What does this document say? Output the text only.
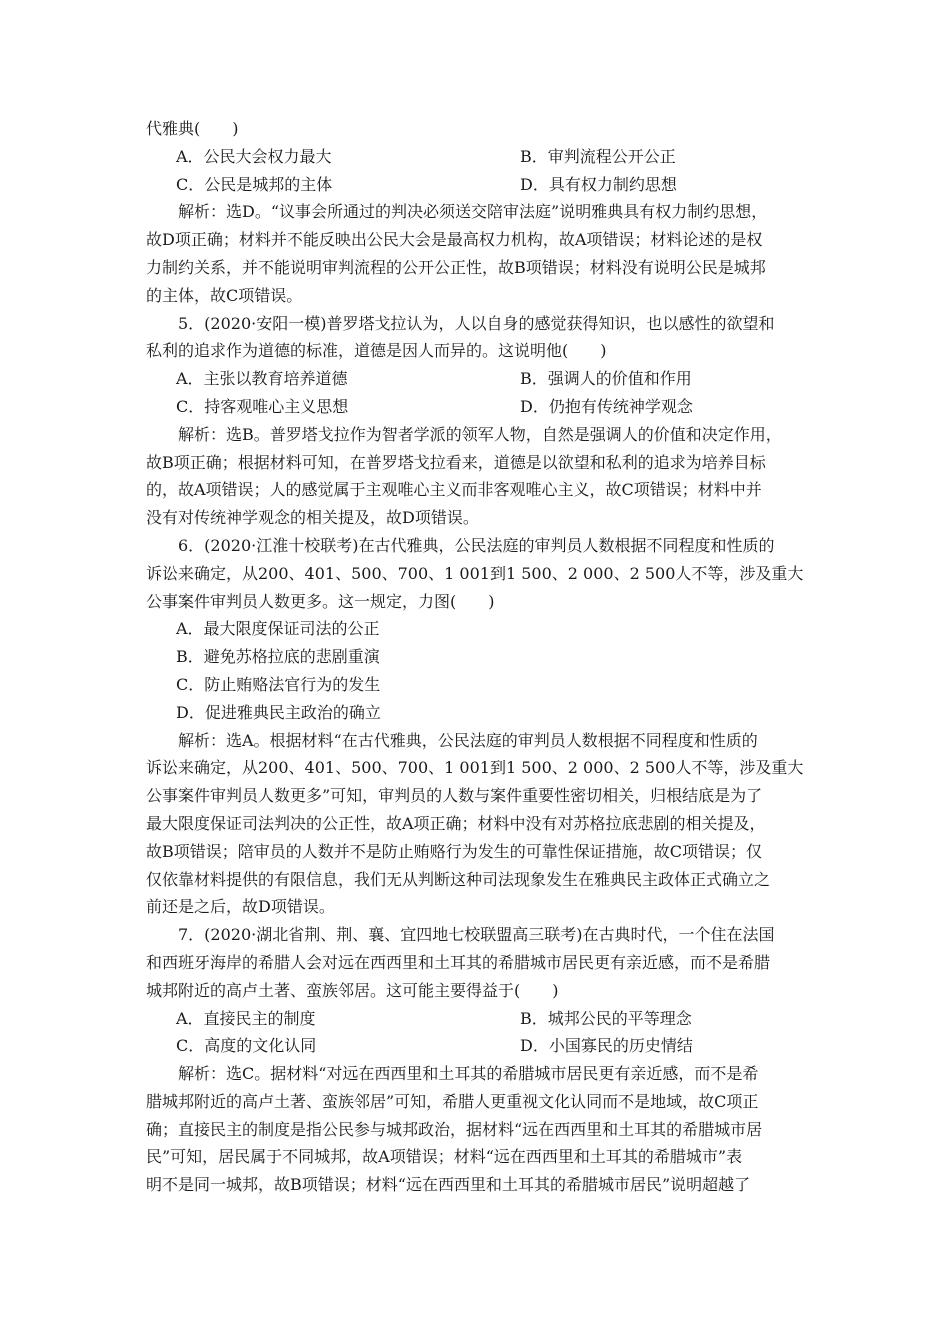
代雅典(　　)
A．公民大会权力最大	B．审判流程公开公正
C．公民是城邦的主体	D．具有权力制约思想
解析：选D。“议事会所通过的判决必须送交陪审法庭”说明雅典具有权力制约思想，
故D项正确；材料并不能反映出公民大会是最高权力机构，故A项错误；材料论述的是权
力制约关系，并不能说明审判流程的公开公正性，故B项错误；材料没有说明公民是城邦
的主体，故C项错误。
5．(2020·安阳一模)普罗塔戈拉认为，人以自身的感觉获得知识，也以感性的欲望和
私利的追求作为道德的标准，道德是因人而异的。这说明他(　　)
A．主张以教育培养道德	B．强调人的价值和作用
C．持客观唯心主义思想	D．仍抱有传统神学观念
解析：选B。普罗塔戈拉作为智者学派的领军人物，自然是强调人的价值和决定作用，
故B项正确；根据材料可知，在普罗塔戈拉看来，道德是以欲望和私利的追求为培养目标
的，故A项错误；人的感觉属于主观唯心主义而非客观唯心主义，故C项错误；材料中并
没有对传统神学观念的相关提及，故D项错误。
6．(2020·江淮十校联考)在古代雅典，公民法庭的审判员人数根据不同程度和性质的
诉讼来确定，从200、401、500、700、1 001到1 500、2 000、2 500人不等，涉及重大
公事案件审判员人数更多。这一规定，力图(　　)
A．最大限度保证司法的公正
B．避免苏格拉底的悲剧重演
C．防止贿赂法官行为的发生
D．促进雅典民主政治的确立
解析：选A。根据材料“在古代雅典，公民法庭的审判员人数根据不同程度和性质的
诉讼来确定，从200、401、500、700、1 001到1 500、2 000、2 500人不等，涉及重大
公事案件审判员人数更多”可知，审判员的人数与案件重要性密切相关，归根结底是为了
最大限度保证司法判决的公正性，故A项正确；材料中没有对苏格拉底悲剧的相关提及，
故B项错误；陪审员的人数并不是防止贿赂行为发生的可靠性保证措施，故C项错误；仅
仅依靠材料提供的有限信息，我们无从判断这种司法现象发生在雅典民主政体正式确立之
前还是之后，故D项错误。
7．(2020·湖北省荆、荆、襄、宜四地七校联盟高三联考)在古典时代，一个住在法国
和西班牙海岸的希腊人会对远在西西里和土耳其的希腊城市居民更有亲近感，而不是希腊
城邦附近的高卢土著、蛮族邻居。这可能主要得益于(　　)
A．直接民主的制度	B．城邦公民的平等理念
C．高度的文化认同	D．小国寡民的历史情结
解析：选C。据材料“对远在西西里和土耳其的希腊城市居民更有亲近感，而不是希
腊城邦附近的高卢土著、蛮族邻居”可知，希腊人更重视文化认同而不是地域，故C项正
确；直接民主的制度是指公民参与城邦政治，据材料“远在西西里和土耳其的希腊城市居
民”可知，居民属于不同城邦，故A项错误；材料“远在西西里和土耳其的希腊城市”表
明不是同一城邦，故B项错误；材料“远在西西里和土耳其的希腊城市居民”说明超越了
